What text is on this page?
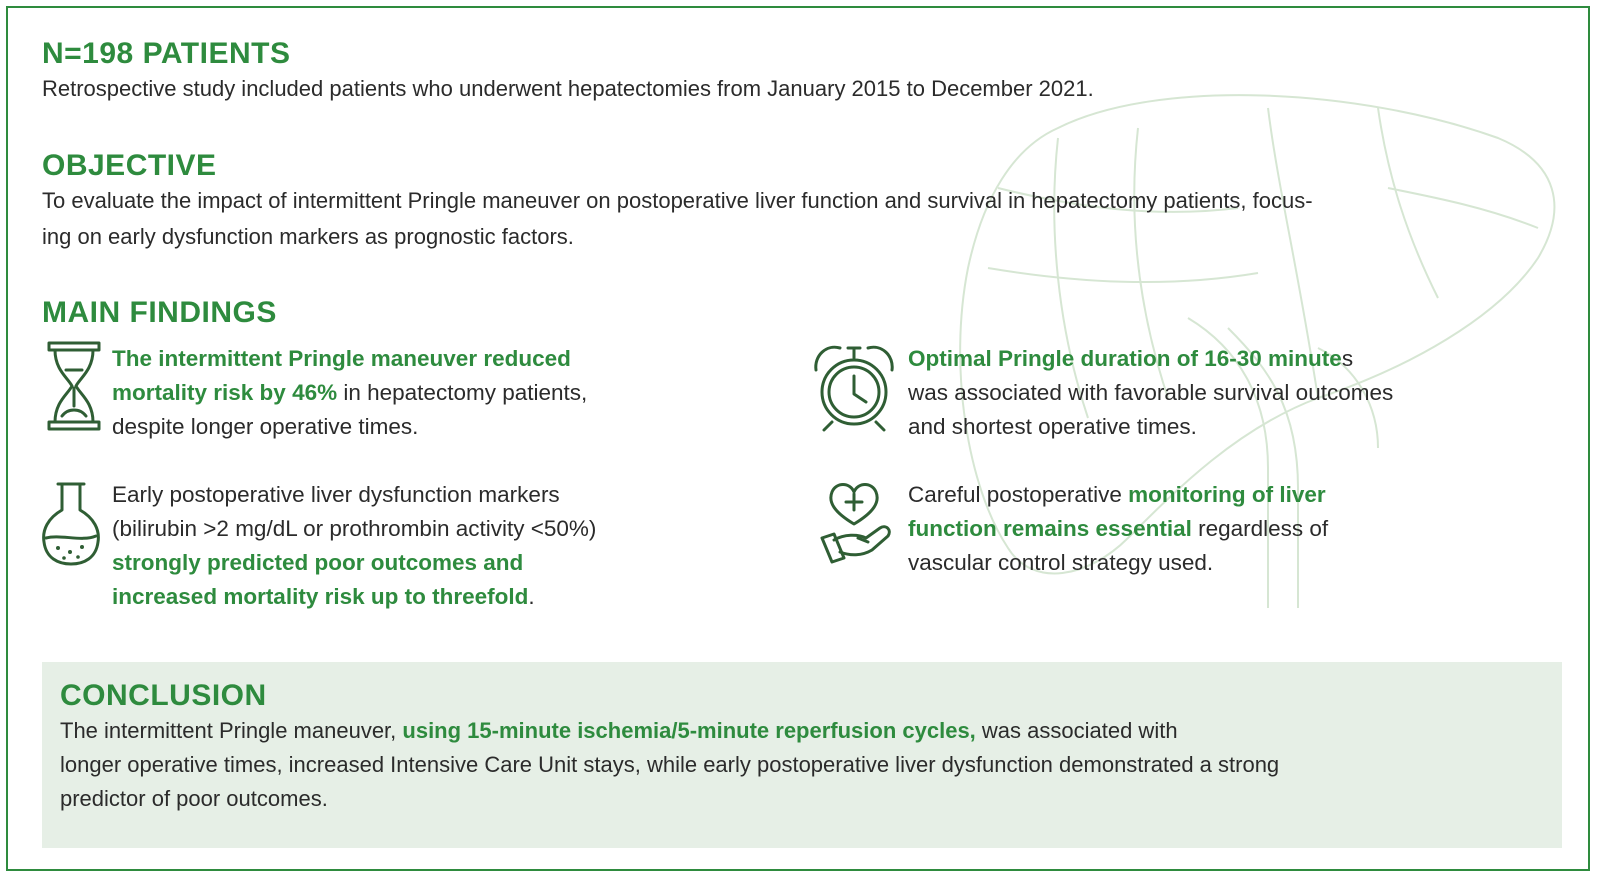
N=198 PATIENTS

Retrospective study included patients who underwent hepatectomies from January 2015 to December 2021.

OBJECTIVE

To evaluate the impact of intermittent Pringle maneuver on postoperative liver function and survival in hepatectomy patients, focus-

ing on early dysfunction markers as prognostic factors.

MAIN FINDINGS
The intermittent Pringle maneuver reduced
mortality risk by 46% in hepatectomy patients,
despite longer operative times.
Optimal Pringle duration of 16-30 minutes
was associated with favorable survival outcomes
and shortest operative times.
Early postoperative liver dysfunction markers
(bilirubin >2 mg/dL or prothrombin activity <50%)
strongly predicted poor outcomes and
increased mortality risk up to threefold.
Careful postoperative monitoring of liver
function remains essential regardless of
vascular control strategy used.
CONCLUSION
The intermittent Pringle maneuver, using 15-minute ischemia/5-minute reperfusion cycles, was associated with
longer operative times, increased Intensive Care Unit stays, while early postoperative liver dysfunction demonstrated a strong
predictor of poor outcomes.
